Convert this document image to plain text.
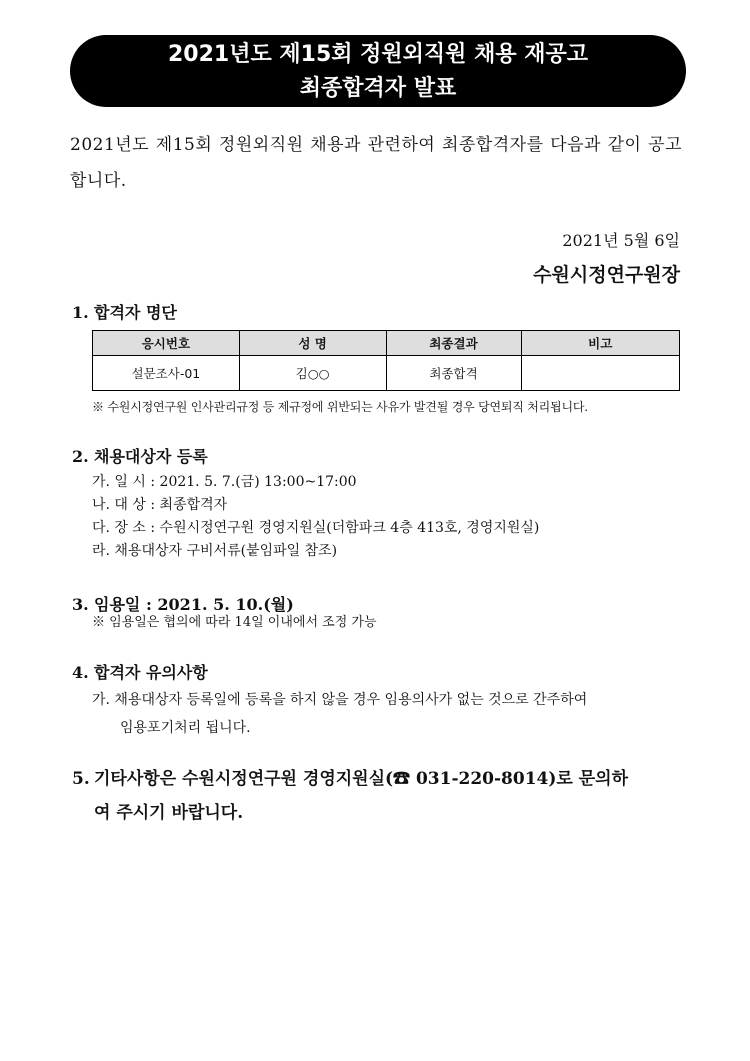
2021년도 제15회 정원외직원 채용 재공고
최종합격자 발표
2021년도 제15회 정원외직원 채용과 관련하여 최종합격자를 다음과 같이 공고합니다.
2021년 5월 6일
수원시정연구원장
1. 합격자 명단
응시번호	성 명	최종결과	비고
설문조사-01	김○○	최종합격	
※ 수원시정연구원 인사관리규정 등 제규정에 위반되는 사유가 발견될 경우 당연퇴직 처리됩니다.
2. 채용대상자 등록
가. 일 시 : 2021. 5. 7.(금) 13:00~17:00
나. 대 상 : 최종합격자
다. 장 소 : 수원시정연구원 경영지원실(더함파크 4층 413호, 경영지원실)
라. 채용대상자 구비서류(붙임파일 참조)
3. 임용일 : 2021. 5. 10.(월)
※ 임용일은 협의에 따라 14일 이내에서 조정 가능
4. 합격자 유의사항
가. 채용대상자 등록일에 등록을 하지 않을 경우 임용의사가 없는 것으로 간주하여
임용포기처리 됩니다.
5. 기타사항은 수원시정연구원 경영지원실(☎ 031-220-8014)로 문의하
여 주시기 바랍니다.
